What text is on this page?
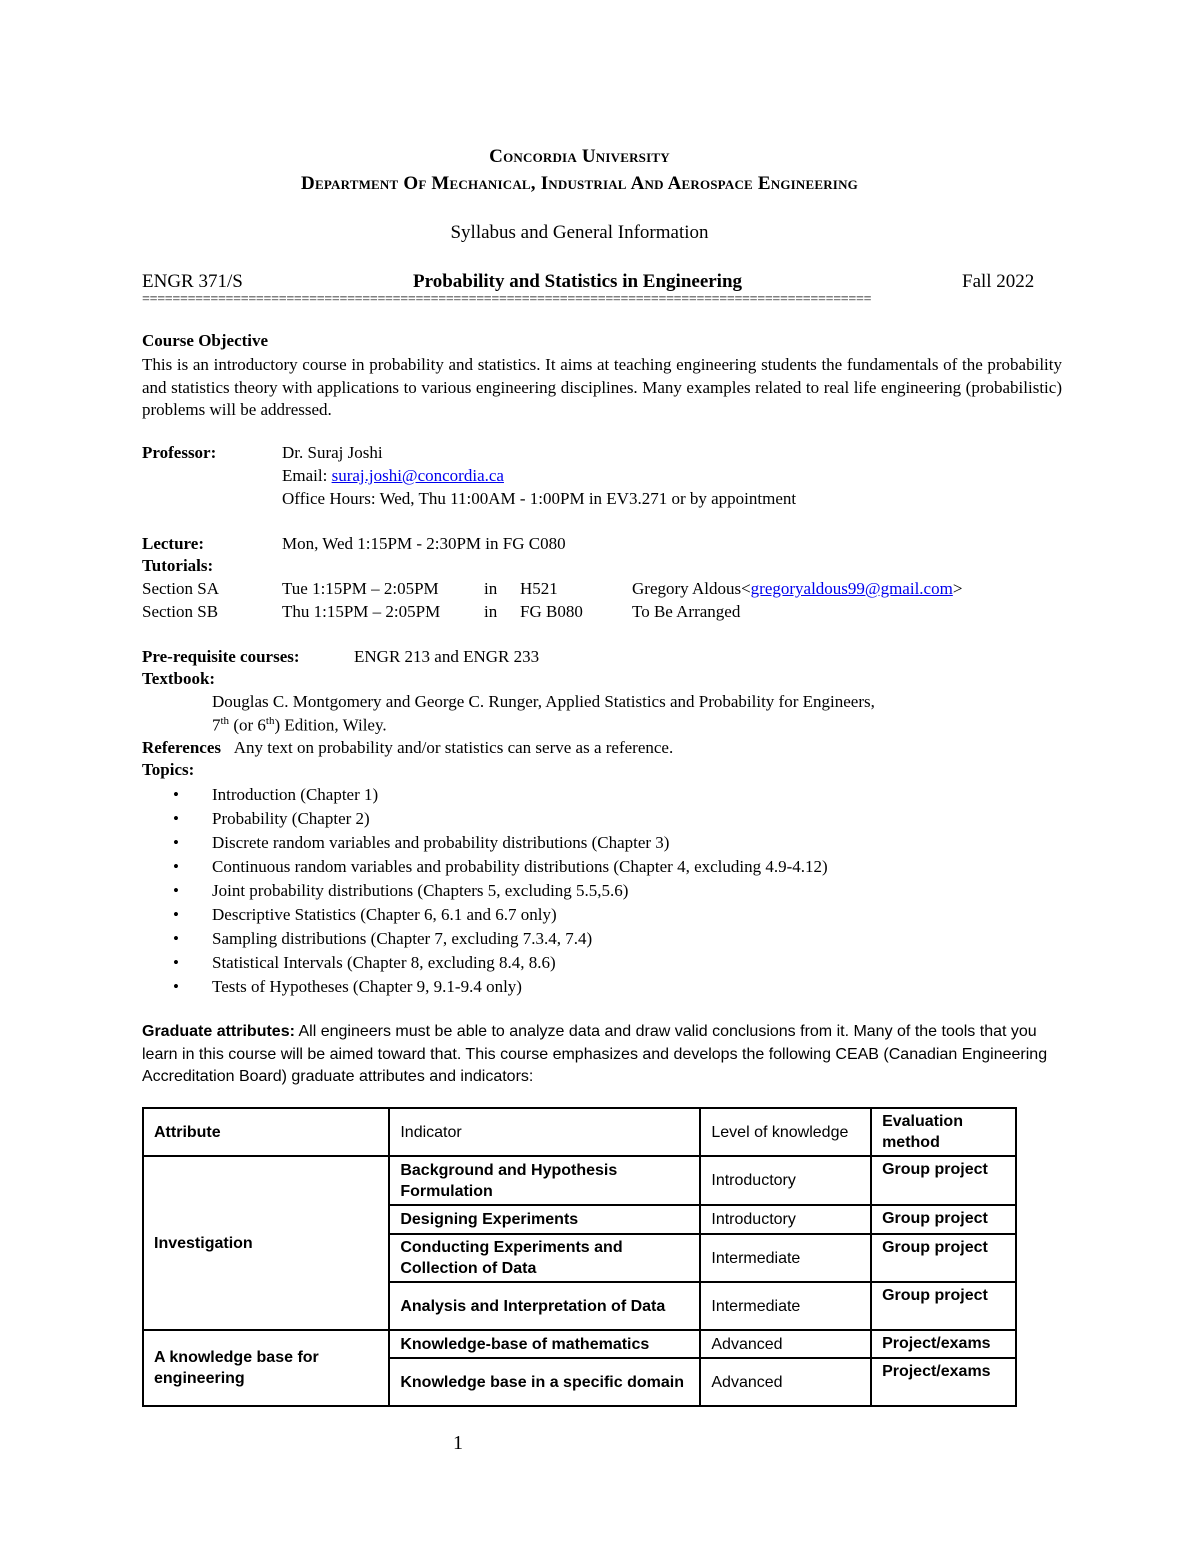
Concordia University
Department Of Mechanical, Industrial And Aerospace Engineering
Syllabus and General Information
ENGR 371/S	Probability and Statistics in Engineering	Fall 2022
================================================================================================
Course Objective
This is an introductory course in probability and statistics. It aims at teaching engineering students the fundamentals of the probability and statistics theory with applications to various engineering disciplines. Many examples related to real life engineering (probabilistic) problems will be addressed.
Professor:	Dr. Suraj Joshi
Email: suraj.joshi@concordia.ca
Office Hours: Wed, Thu 11:00AM - 1:00PM in EV3.271 or by appointment
Lecture:	Mon, Wed 1:15PM - 2:30PM in FG C080
Tutorials:
Section SA	Tue 1:15PM – 2:05PM	in H521	Gregory Aldous<gregoryaldous99@gmail.com>
Section SB	Thu 1:15PM – 2:05PM	in FG B080	To Be Arranged
Pre-requisite courses:	ENGR 213 and ENGR 233
Textbook:
Douglas C. Montgomery and George C. Runger, Applied Statistics and Probability for Engineers,
7th (or 6th) Edition, Wiley.
References Any text on probability and/or statistics can serve as a reference.
Topics:
• Introduction (Chapter 1)
• Probability (Chapter 2)
• Discrete random variables and probability distributions (Chapter 3)
• Continuous random variables and probability distributions (Chapter 4, excluding 4.9-4.12)
• Joint probability distributions (Chapters 5, excluding 5.5,5.6)
• Descriptive Statistics (Chapter 6, 6.1 and 6.7 only)
• Sampling distributions (Chapter 7, excluding 7.3.4, 7.4)
• Statistical Intervals (Chapter 8, excluding 8.4, 8.6)
• Tests of Hypotheses (Chapter 9, 9.1-9.4 only)
Graduate attributes: All engineers must be able to analyze data and draw valid conclusions from it. Many of the tools that you learn in this course will be aimed toward that. This course emphasizes and develops the following CEAB (Canadian Engineering Accreditation Board) graduate attributes and indicators:
Attribute	Indicator	Level of knowledge	Evaluation method
Investigation	Background and Hypothesis Formulation	Introductory	Group project
	Designing Experiments	Introductory	Group project
	Conducting Experiments and Collection of Data	Intermediate	Group project
	Analysis and Interpretation of Data	Intermediate	Group project
A knowledge base for engineering	Knowledge-base of mathematics	Advanced	Project/exams
	Knowledge base in a specific domain	Advanced	Project/exams
1
